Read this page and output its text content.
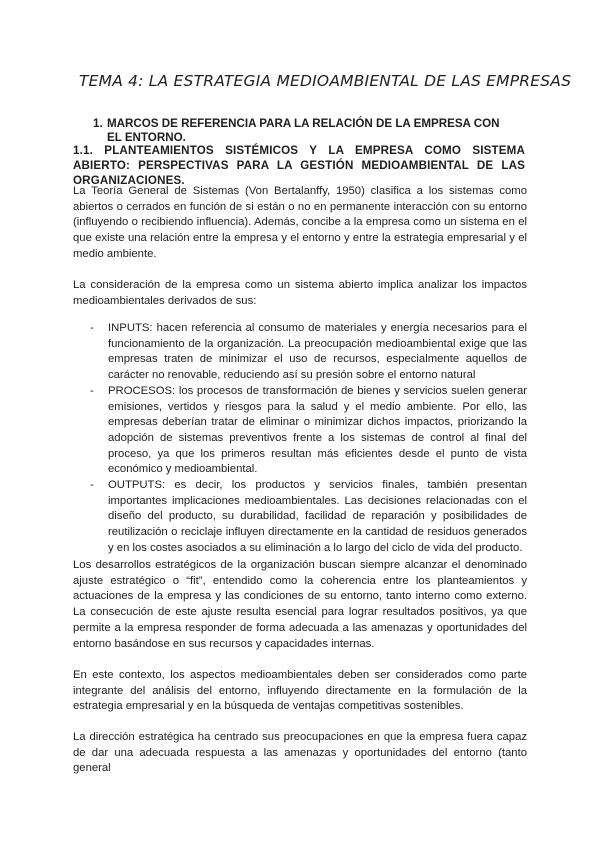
TEMA 4: LA ESTRATEGIA MEDIOAMBIENTAL DE LAS EMPRESAS
1. MARCOS DE REFERENCIA PARA LA RELACIÓN DE LA EMPRESA CON EL ENTORNO.
1.1. PLANTEAMIENTOS SISTÉMICOS Y LA EMPRESA COMO SISTEMA ABIERTO: PERSPECTIVAS PARA LA GESTIÓN MEDIOAMBIENTAL DE LAS ORGANIZACIONES.
La Teoría General de Sistemas (Von Bertalanffy, 1950) clasifica a los sistemas como abiertos o cerrados en función de si están o no en permanente interacción con su entorno (influyendo o recibiendo influencia). Además, concibe a la empresa como un sistema en el que existe una relación entre la empresa y el entorno y entre la estrategia empresarial y el medio ambiente.
La consideración de la empresa como un sistema abierto implica analizar los impactos medioambientales derivados de sus:
- INPUTS: hacen referencia al consumo de materiales y energía necesarios para el funcionamiento de la organización. La preocupación medioambiental exige que las empresas traten de minimizar el uso de recursos, especialmente aquellos de carácter no renovable, reduciendo así su presión sobre el entorno natural
- PROCESOS: los procesos de transformación de bienes y servicios suelen generar emisiones, vertidos y riesgos para la salud y el medio ambiente. Por ello, las empresas deberían tratar de eliminar o minimizar dichos impactos, priorizando la adopción de sistemas preventivos frente a los sistemas de control al final del proceso, ya que los primeros resultan más eficientes desde el punto de vista económico y medioambiental.
- OUTPUTS: es decir, los productos y servicios finales, también presentan importantes implicaciones medioambientales. Las decisiones relacionadas con el diseño del producto, su durabilidad, facilidad de reparación y posibilidades de reutilización o reciclaje influyen directamente en la cantidad de residuos generados y en los costes asociados a su eliminación a lo largo del ciclo de vida del producto.
Los desarrollos estratégicos de la organización buscan siempre alcanzar el denominado ajuste estratégico o “fit”, entendido como la coherencia entre los planteamientos y actuaciones de la empresa y las condiciones de su entorno, tanto interno como externo. La consecución de este ajuste resulta esencial para lograr resultados positivos, ya que permite a la empresa responder de forma adecuada a las amenazas y oportunidades del entorno basándose en sus recursos y capacidades internas.
En este contexto, los aspectos medioambientales deben ser considerados como parte integrante del análisis del entorno, influyendo directamente en la formulación de la estrategia empresarial y en la búsqueda de ventajas competitivas sostenibles.
La dirección estratégica ha centrado sus preocupaciones en que la empresa fuera capaz de dar una adecuada respuesta a las amenazas y oportunidades del entorno (tanto general
